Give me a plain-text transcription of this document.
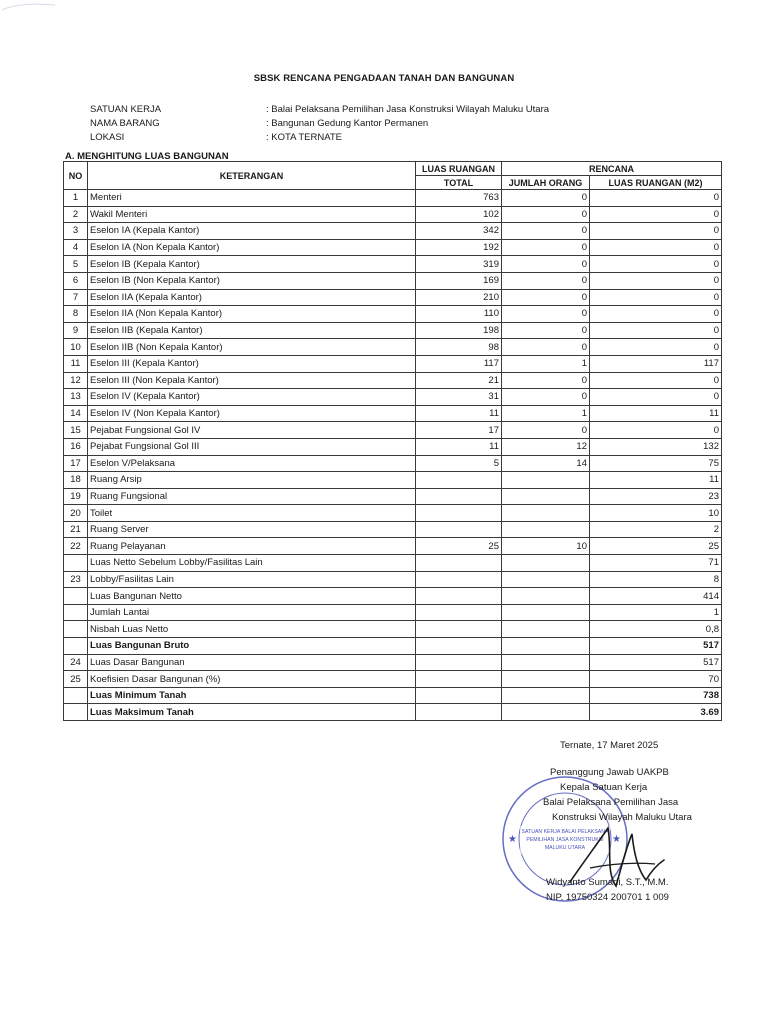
SBSK RENCANA PENGADAAN TANAH DAN BANGUNAN
SATUAN KERJA	: Balai Pelaksana Pemilihan Jasa Konstruksi Wilayah Maluku Utara
NAMA BARANG	: Bangunan Gedung Kantor Permanen
LOKASI	: KOTA TERNATE
A. MENGHITUNG LUAS BANGUNAN
NO	KETERANGAN	LUAS RUANGAN	RENCANA	
		TOTAL	JUMLAH ORANG	LUAS RUANGAN (M2)
1	Menteri	763	0	0
2	Wakil Menteri	102	0	0
3	Eselon IA (Kepala Kantor)	342	0	0
4	Eselon IA (Non Kepala Kantor)	192	0	0
5	Eselon IB (Kepala Kantor)	319	0	0
6	Eselon IB (Non Kepala Kantor)	169	0	0
7	Eselon IIA (Kepala Kantor)	210	0	0
8	Eselon IIA (Non Kepala Kantor)	110	0	0
9	Eselon IIB (Kepala Kantor)	198	0	0
10	Eselon IIB (Non Kepala Kantor)	98	0	0
11	Eselon III (Kepala Kantor)	117	1	117
12	Eselon III (Non Kepala Kantor)	21	0	0
13	Eselon IV (Kepala Kantor)	31	0	0
14	Eselon IV (Non Kepala Kantor)	11	1	11
15	Pejabat Fungsional Gol IV	17	0	0
16	Pejabat Fungsional Gol III	11	12	132
17	Eselon V/Pelaksana	5	14	75
18	Ruang Arsip			11
19	Ruang Fungsional			23
20	Toilet			10
21	Ruang Server			2
22	Ruang Pelayanan	25	10	25
	Luas Netto Sebelum Lobby/Fasilitas Lain			71
23	Lobby/Fasilitas Lain			8
	Luas Bangunan Netto			414
	Jumlah Lantai			1
	Nisbah Luas Netto			0,8
	Luas Bangunan Bruto			517
24	Luas Dasar Bangunan			517
25	Koefisien Dasar Bangunan (%)			70
	Luas Minimum Tanah			738
	Luas Maksimum Tanah			3.69
★	★
SATUAN KERJA BALAI PELAKSANA
PEMILIHAN JASA KONSTRUKSI
MALUKU UTARA
Ternate, 17 Maret 2025
Penanggung Jawab UAKPB
Kepala Satuan Kerja
Balai Pelaksana Pemilihan Jasa
Konstruksi Wilayah Maluku Utara
Widyanto Sumadi, S.T., M.M.
NIP. 19750324 200701 1 009
